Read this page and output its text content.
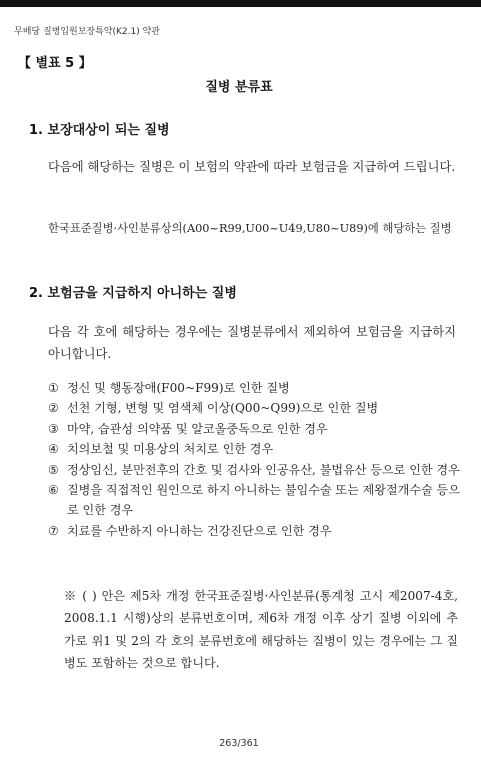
무배당 질병입원보장특약(K2.1) 약관
【 별표 5 】
질병 분류표
1. 보장대상이 되는 질병
다음에 해당하는 질병은 이 보험의 약관에 따라 보험금을 지급하여 드립니다.
한국표준질병·사인분류상의(A00~R99,U00~U49,U80~U89)에 해당하는 질병
2. 보험금을 지급하지 아니하는 질병
다음 각 호에 해당하는 경우에는 질병분류에서 제외하여 보험금을 지급하지 아니합니다.
① 정신 및 행동장애(F00~F99)로 인한 질병
② 선천 기형, 변형 및 염색체 이상(Q00~Q99)으로 인한 질병
③ 마약, 습관성 의약품 및 알코올중독으로 인한 경우
④ 치의보철 및 미용상의 처치로 인한 경우
⑤ 정상임신, 분만전후의 간호 및 검사와 인공유산, 불법유산 등으로 인한 경우
⑥ 질병을 직접적인 원인으로 하지 아니하는 불임수술 또는 제왕절개수술 등으로 인한 경우
⑦ 치료를 수반하지 아니하는 건강진단으로 인한 경우
※ ( ) 안은 제5차 개정 한국표준질병·사인분류(통계청 고시 제2007-4호, 2008.1.1 시행)상의 분류번호이며, 제6차 개정 이후 상기 질병 이외에 추가로 위1 및 2의 각 호의 분류번호에 해당하는 질병이 있는 경우에는 그 질병도 포함하는 것으로 합니다.
263/361
